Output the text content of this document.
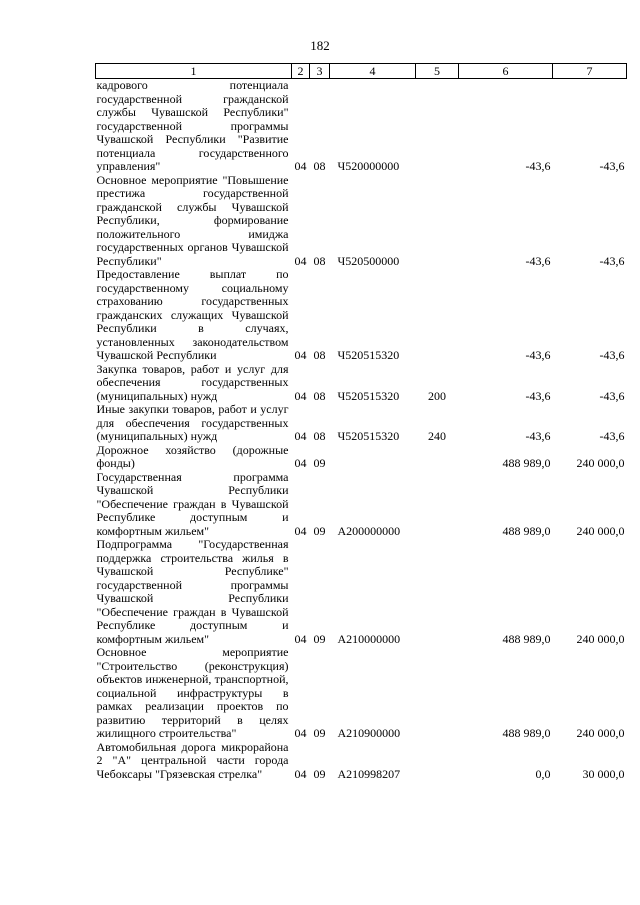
182
1	2	3	4	5	6	7
кадрового потенциала государственной гражданской службы Чувашской Республики" государственной программы Чувашской Республики "Развитие потенциала государственного управления"	04	08	Ч520000000		-43,6	-43,6
Основное мероприятие "Повышение престижа государственной гражданской службы Чувашской Республики, формирование положительного имиджа государственных органов Чувашской Республики"	04	08	Ч520500000		-43,6	-43,6
Предоставление выплат по государственному социальному страхованию государственных гражданских служащих Чувашской Республики в случаях, установленных законодательством Чувашской Республики	04	08	Ч520515320		-43,6	-43,6
Закупка товаров, работ и услуг для обеспечения государственных (муниципальных) нужд	04	08	Ч520515320	200	-43,6	-43,6
Иные закупки товаров, работ и услуг для обеспечения государственных (муниципальных) нужд	04	08	Ч520515320	240	-43,6	-43,6
Дорожное хозяйство (дорожные фонды)	04	09			488 989,0	240 000,0
Государственная программа Чувашской Республики "Обеспечение граждан в Чувашской Республике доступным и комфортным жильем"	04	09	А200000000		488 989,0	240 000,0
Подпрограмма "Государственная поддержка строительства жилья в Чувашской Республике" государственной программы Чувашской Республики "Обеспечение граждан в Чувашской Республике доступным и комфортным жильем"	04	09	А210000000		488 989,0	240 000,0
Основное мероприятие "Строительство (реконструкция) объектов инженерной, транспортной, социальной инфраструктуры в рамках реализации проектов по развитию территорий в целях жилищного строительства"	04	09	А210900000		488 989,0	240 000,0
Автомобильная дорога микрорайона 2 "А" центральной части города Чебоксары "Грязевская стрелка"	04	09	А210998207		0,0	30 000,0
